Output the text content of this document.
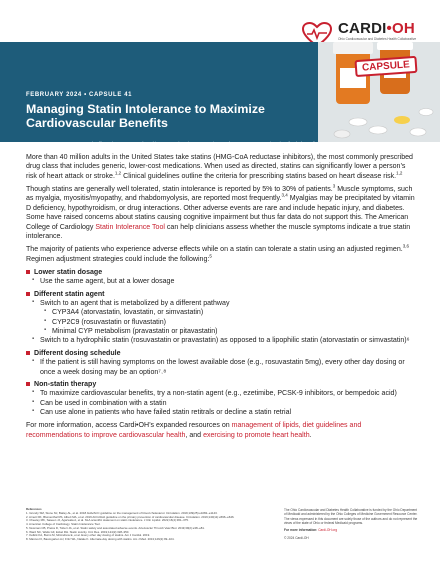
CARDI•OH
Ohio Cardiovascular and Diabetes Health Collaborative
FEBRUARY 2024 • CAPSULE 41
Managing Statin Intolerance to Maximize Cardiovascular Benefits
CONTRIBUTING AUTHORS: Shadiie Nair, MD, MBA, The Ohio State University; Bree Meinzer, PharmD, BCACP, University of Toledo; Colin Crowe, MD, Case Western Reserve University, on behalf of Team Best Practices
CAPSULE

More than 40 million adults in the United States take statins (HMG-CoA reductase inhibitors), the most commonly prescribed drug class that includes generic, lower-cost medications. When used as directed, statins can significantly lower a person’s risk of heart attack or stroke.$^{1,2}$ Clinical guidelines outline the criteria for prescribing statins based on heart disease risk.$^{1,2}$

Though statins are generally well tolerated, statin intolerance is reported by 5% to 30% of patients.$^3$ Muscle symptoms, such as myalgia, myositis/myopathy, and rhabdomyolysis, are reported most frequently.$^{3,4}$ Myalgias may be precipitated by vitamin D deficiency, hypothyroidism, or drug interactions. Other adverse events are rare and include hepatic injury, and diabetes. Some have raised concerns about statins causing cognitive impairment but thus far data do not support this. The American College of Cardiology Statin Intolerance Tool can help clinicians assess whether the muscle symptoms indicate a true statin intolerance.

The majority of patients who experience adverse effects while on a statin can tolerate a statin using an adjusted regimen.$^{3,6}$ Regimen adjustment strategies could include the following:$^5$

Lower statin dosage
▪ Use the same agent, but at a lower dosage
Different statin agent
▪ Switch to an agent that is metabolized by a different pathway
▪ CYP3A4 (atorvastatin, lovastatin, or simvastatin)
▪ CYP2C9 (rosuvastatin or fluvastatin)
▪ Minimal CYP metabolism (pravastatin or pitavastatin)
▪ Switch to a hydrophilic statin (rosuvastatin or pravastatin) as opposed to a lipophilic statin (atorvastatin or simvastatin)⁶
Different dosing schedule
▪ If the patient is still having symptoms on the lowest available dose (e.g., rosuvastatin 5mg), every other day dosing or once a week dosing may be an option⁷˒⁸
Non-statin therapy
▪ To maximize cardiovascular benefits, try a non-statin agent (e.g., ezetimibe, PCSK-9 inhibitors, or bempedoic acid)
▪ Can be used in combination with a statin
▪ Can use alone in patients who have failed statin retitrals or decline a statin retrial

For more information, access Cardi•OH’s expanded resources on management of lipids, diet guidelines and recommendations to improve cardiovascular health, and exercising to promote heart health.

References
1. Grundy SM, Stone NJ, Bailey AL, et al. 2018 AHA/ACC guideline on the management of blood cholesterol. Circulation. 2019;139(25):e1082–e1143.
2. Arnett DK, Blumenthal RS, Albert MA, et al. 2019 ACC/AHA guideline on the primary prevention of cardiovascular disease. Circulation. 2019;140(11):e596–e646.
3. Cheeley MK, Saseen JJ, Agarwala A, et al. NLA scientific statement on statin intolerance. J Clin Lipidol. 2022;16(4):361–375.
4. American College of Cardiology. Statin Intolerance Tool.
5. Newman CB, Preiss D, Tobert JA, et al. Statin safety and associated adverse events. Arterioscler Thromb Vasc Biol. 2019;39(2):e38–e81.
6. Ward NC, Watts GF, Eckel RH. Statin toxicity. Circ Res. 2019;124(2):328–350.
7. Kellick KA, Burns M, McAndrew E, et al. Every other day dosing of statins. Am J Cardiol. 2019.
8. Marcus FI, Baumgarten AJ, Fritz WL, Natale K. Alternate-day dosing with statins. Am J Med. 2013;126(2):99–104.
The Ohio Cardiovascular and Diabetes Health Collaborative is funded by the Ohio Department of Medicaid and administered by the Ohio Colleges of Medicine Government Resource Center. The views expressed in this document are solely those of the authors and do not represent the views of the state of Ohio or federal Medicaid programs.
For more information: Cardi-OH.org
© 2024 Cardi-OH
